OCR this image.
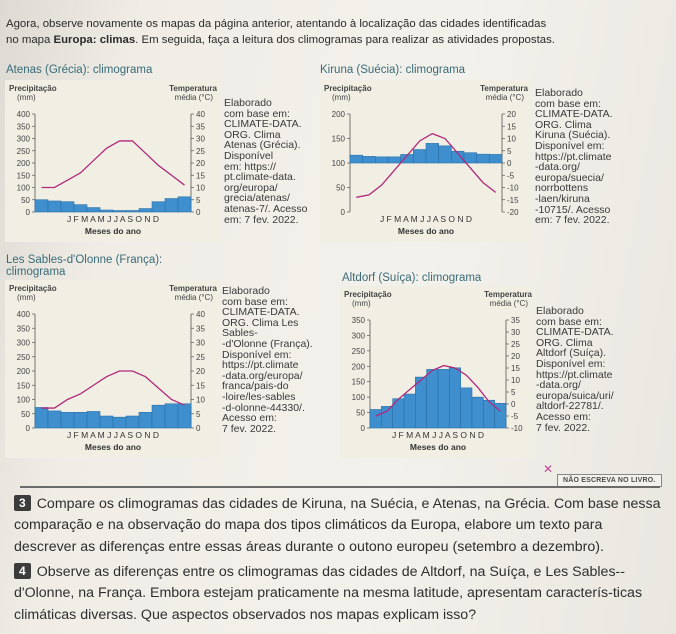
Agora, observe novamente os mapas da página anterior, atentando à localização das cidades identificadas
no mapa Europa: climas. Em seguida, faça a leitura dos climogramas para realizar as atividades propostas.
Atenas (Grécia): climograma
Precipitação
(mm)
Temperatura
média (°C)
400
350
300
250
200
150
100
50
0
40
35
30
25
20
15
10
5
0
J F M A M J J A S O N D
Meses do ano
Elaborado
com base em:
CLIMATE-DATA.
ORG. Clima
Atenas (Grécia).
Disponível
em: https://
pt.climate-data.
org/europa/
grecia/atenas/
atenas-7/. Acesso
em: 7 fev. 2022.
Kiruna (Suécia): climograma
Precipitação
(mm)
Temperatura
média (°C)
200
150
100
50
0
20
15
10
5
0
-5
-10
-15
-20
J F M A M J J A S O N D
Meses do ano
Elaborado
com base em:
CLIMATE-DATA.
ORG. Clima
Kiruna (Suécia).
Disponível em:
https://pt.climate
-data.org/
europa/suecia/
norrbottens
-laen/kiruna
-10715/. Acesso
em: 7 fev. 2022.
Les Sables-d'Olonne (França):
climograma
Precipitação
(mm)
Temperatura
média (°C)
400
350
300
250
200
150
100
50
0
40
35
30
25
20
15
10
5
0
J F M A M J J A S O N D
Meses do ano
Elaborado
com base em:
CLIMATE-DATA.
ORG. Clima Les
Sables-
-d'Olonne (França).
Disponível em:
https://pt.climate
-data.org/europa/
franca/pais-do
-loire/les-sables
-d-olonne-44330/.
Acesso em:
7 fev. 2022.
Altdorf (Suíça): climograma
Precipitação
(mm)
Temperatura
média (°C)
350
300
250
200
150
100
50
0
35
30
25
20
15
10
5
0
-5
-10
J F M A M J J A S O N D
Meses do ano
Elaborado
com base em:
CLIMATE-DATA.
ORG. Clima
Altdorf (Suíça).
Disponível em:
https://pt.climate
-data.org/
europa/suica/uri/
altdorf-22781/.
Acesso em:
7 fev. 2022.
✕
NÃO ESCREVA NO LIVRO.
3 Compare os climogramas das cidades de Kiruna, na Suécia, e Atenas, na Grécia. Com base nessa comparação e na observação do mapa dos tipos climáticos da Europa, elabore um texto para descrever as diferenças entre essas áreas durante o outono europeu (setembro a dezembro).
4 Observe as diferenças entre os climogramas das cidades de Altdorf, na Suíça, e Les Sables--d'Olonne, na França. Embora estejam praticamente na mesma latitude, apresentam caracterís-ticas climáticas diversas. Que aspectos observados nos mapas explicam isso?
